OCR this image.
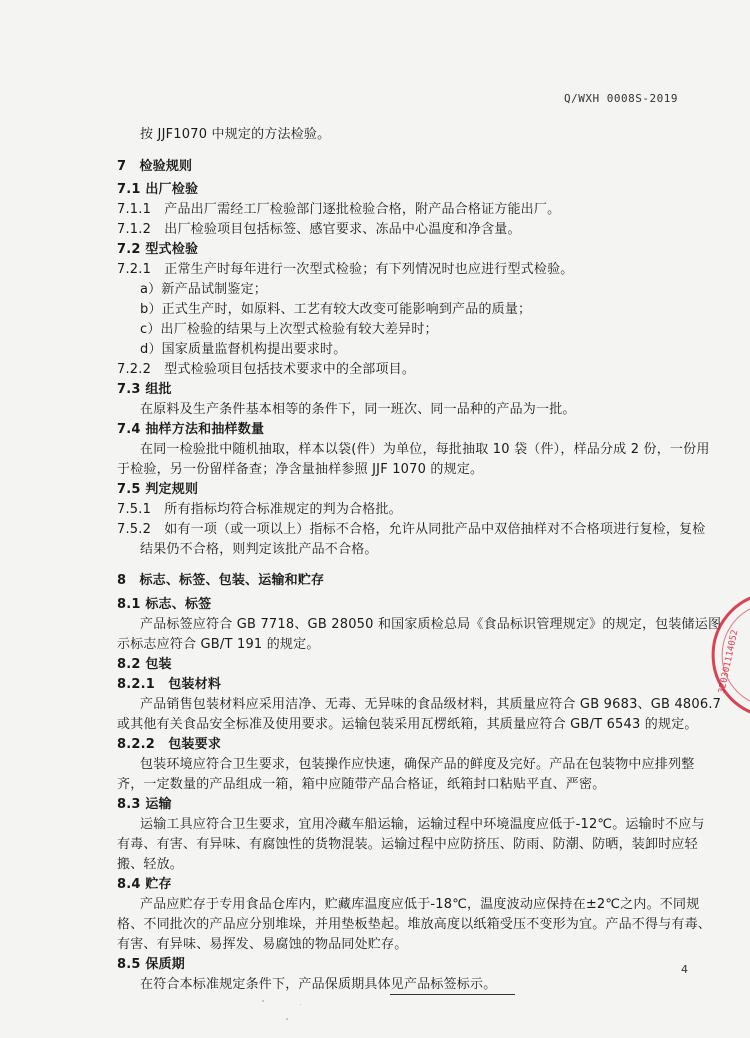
Q/WXH 0008S-2019
按 JJF1070 中规定的方法检验。
7　检验规则
7.1 出厂检验
7.1.1　产品出厂需经工厂检验部门逐批检验合格，附产品合格证方能出厂。
7.1.2　出厂检验项目包括标签、感官要求、冻品中心温度和净含量。
7.2 型式检验
7.2.1　正常生产时每年进行一次型式检验；有下列情况时也应进行型式检验。
a）新产品试制鉴定；
b）正式生产时，如原料、工艺有较大改变可能影响到产品的质量；
c）出厂检验的结果与上次型式检验有较大差异时；
d）国家质量监督机构提出要求时。
7.2.2　型式检验项目包括技术要求中的全部项目。
7.3 组批
在原料及生产条件基本相等的条件下，同一班次、同一品种的产品为一批。
7.4 抽样方法和抽样数量
在同一检验批中随机抽取，样本以袋(件）为单位，每批抽取 10 袋（件），样品分成 2 份，一份用
于检验，另一份留样备查；净含量抽样参照 JJF 1070 的规定。
7.5 判定规则
7.5.1　所有指标均符合标准规定的判为合格批。
7.5.2　如有一项（或一项以上）指标不合格，允许从同批产品中双倍抽样对不合格项进行复检，复检
结果仍不合格，则判定该批产品不合格。
8　标志、标签、包装、运输和贮存
8.1 标志、标签
产品标签应符合 GB 7718、GB 28050 和国家质检总局《食品标识管理规定》的规定，包装储运图
示标志应符合 GB/T 191 的规定。
8.2 包装
8.2.1　包装材料
产品销售包装材料应采用洁净、无毒、无异味的食品级材料，其质量应符合 GB 9683、GB 4806.7
或其他有关食品安全标准及使用要求。运输包装采用瓦楞纸箱，其质量应符合 GB/T 6543 的规定。
8.2.2　包装要求
包装环境应符合卫生要求，包装操作应快速，确保产品的鲜度及完好。产品在包装物中应排列整
齐，一定数量的产品组成一箱，箱中应随带产品合格证，纸箱封口粘贴平直、严密。
8.3 运输
运输工具应符合卫生要求，宜用冷藏车船运输，运输过程中环境温度应低于-12℃。运输时不应与
有毒、有害、有异味、有腐蚀性的货物混装。运输过程中应防挤压、防雨、防潮、防晒，装卸时应轻
搬、轻放。
8.4 贮存
产品应贮存于专用食品仓库内，贮藏库温度应低于-18℃，温度波动应保持在±2℃之内。不同规
格、不同批次的产品应分别堆垛，并用垫板垫起。堆放高度以纸箱受压不变形为宜。产品不得与有毒、
有害、有异味、易挥发、易腐蚀的物品同处贮存。
8.5 保质期
在符合本标准规定条件下，产品保质期具体见产品标签标示。
4
320301114052
